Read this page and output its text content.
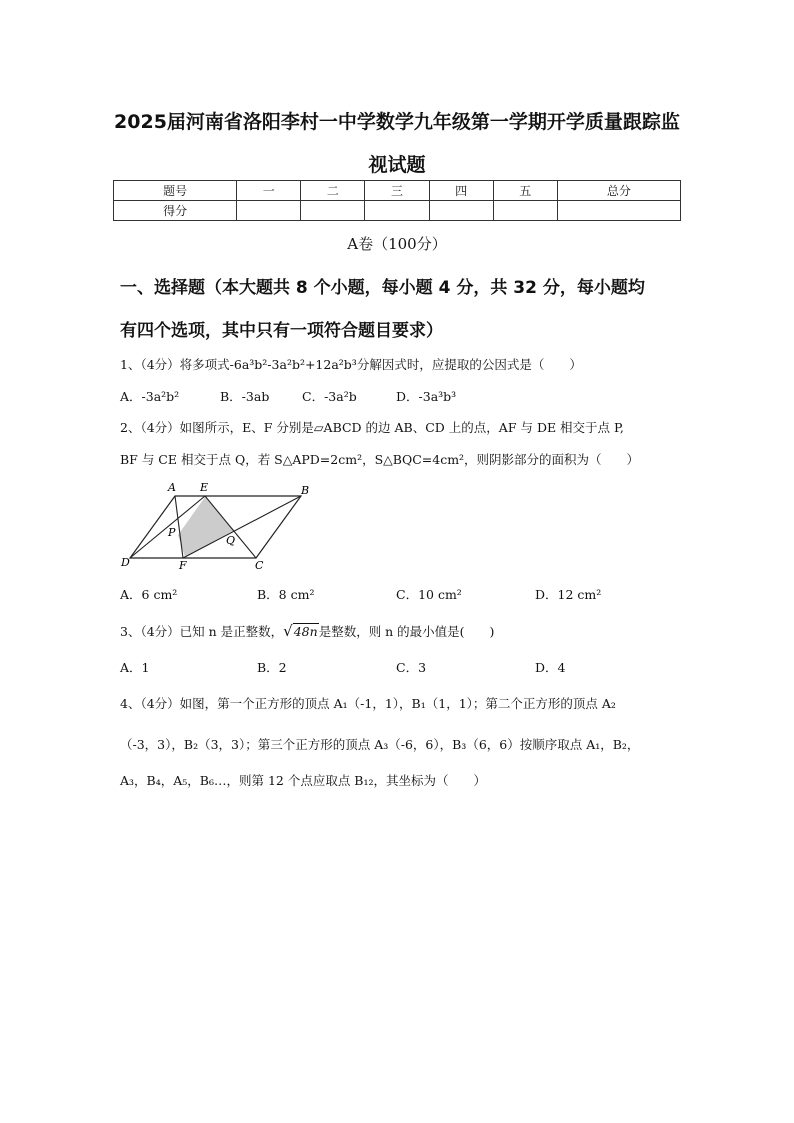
2025届河南省洛阳李村一中学数学九年级第一学期开学质量跟踪监
视试题
题号	一	二	三	四	五	总分
得分						
A卷（100分）
一、选择题（本大题共 8 个小题，每小题 4 分，共 32 分，每小题均
有四个选项，其中只有一项符合题目要求）
1、（4分）将多项式-6a³b²-3a²b²+12a²b³分解因式时，应提取的公因式是（　　）
A．-3a²b²	B．-3ab	C．-3a²b	D．-3a³b³
2、（4分）如图所示，E、F 分别是▱ABCD 的边 AB、CD 上的点，AF 与 DE 相交于点 P,
BF 与 CE 相交于点 Q，若 S△APD=2cm²，S△BQC=4cm²，则阴影部分的面积为（　　）
A E	B
P
Q
D	F	C
A．6 cm²	B．8 cm²	C．10 cm²	D．12 cm²
3、（4分）已知 n 是正整数，√48n是整数，则 n 的最小值是(　　)
A．1	B．2	C．3	D．4
4、（4分）如图，第一个正方形的顶点 A₁（-1，1），B₁（1，1）；第二个正方形的顶点 A₂
（-3，3），B₂（3，3）；第三个正方形的顶点 A₃（-6，6），B₃（6，6）按顺序取点 A₁，B₂，
A₃，B₄，A₅，B₆…，则第 12 个点应取点 B₁₂，其坐标为（　　）
